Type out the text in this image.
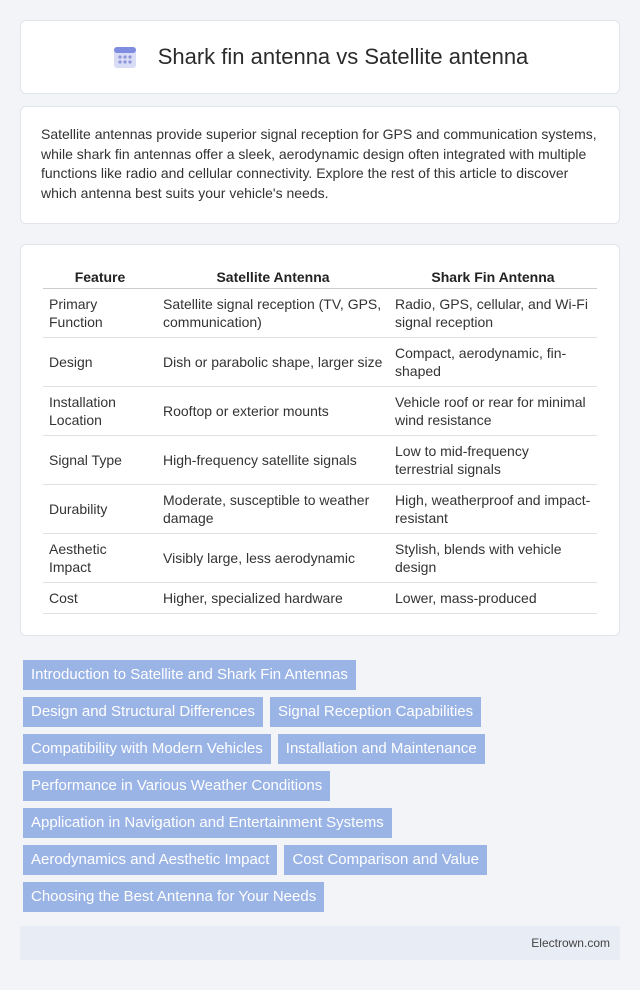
Shark fin antenna vs Satellite antenna

Satellite antennas provide superior signal reception for GPS and communication systems, while shark fin antennas offer a sleek, aerodynamic design often integrated with multiple functions like radio and cellular connectivity. Explore the rest of this article to discover which antenna best suits your vehicle's needs.

Feature	Satellite Antenna	Shark Fin Antenna
Primary Function	Satellite signal reception (TV, GPS, communication)	Radio, GPS, cellular, and Wi-Fi signal reception
Design	Dish or parabolic shape, larger size	Compact, aerodynamic, fin-shaped
Installation Location	Rooftop or exterior mounts	Vehicle roof or rear for minimal wind resistance
Signal Type	High-frequency satellite signals	Low to mid-frequency terrestrial signals
Durability	Moderate, susceptible to weather damage	High, weatherproof and impact-resistant
Aesthetic Impact	Visibly large, less aerodynamic	Stylish, blends with vehicle design
Cost	Higher, specialized hardware	Lower, mass-produced
Introduction to Satellite and Shark Fin Antennas
Design and Structural Differences	Signal Reception Capabilities
Compatibility with Modern Vehicles	Installation and Maintenance
Performance in Various Weather Conditions
Application in Navigation and Entertainment Systems
Aerodynamics and Aesthetic Impact	Cost Comparison and Value
Choosing the Best Antenna for Your Needs
Electrown.com
